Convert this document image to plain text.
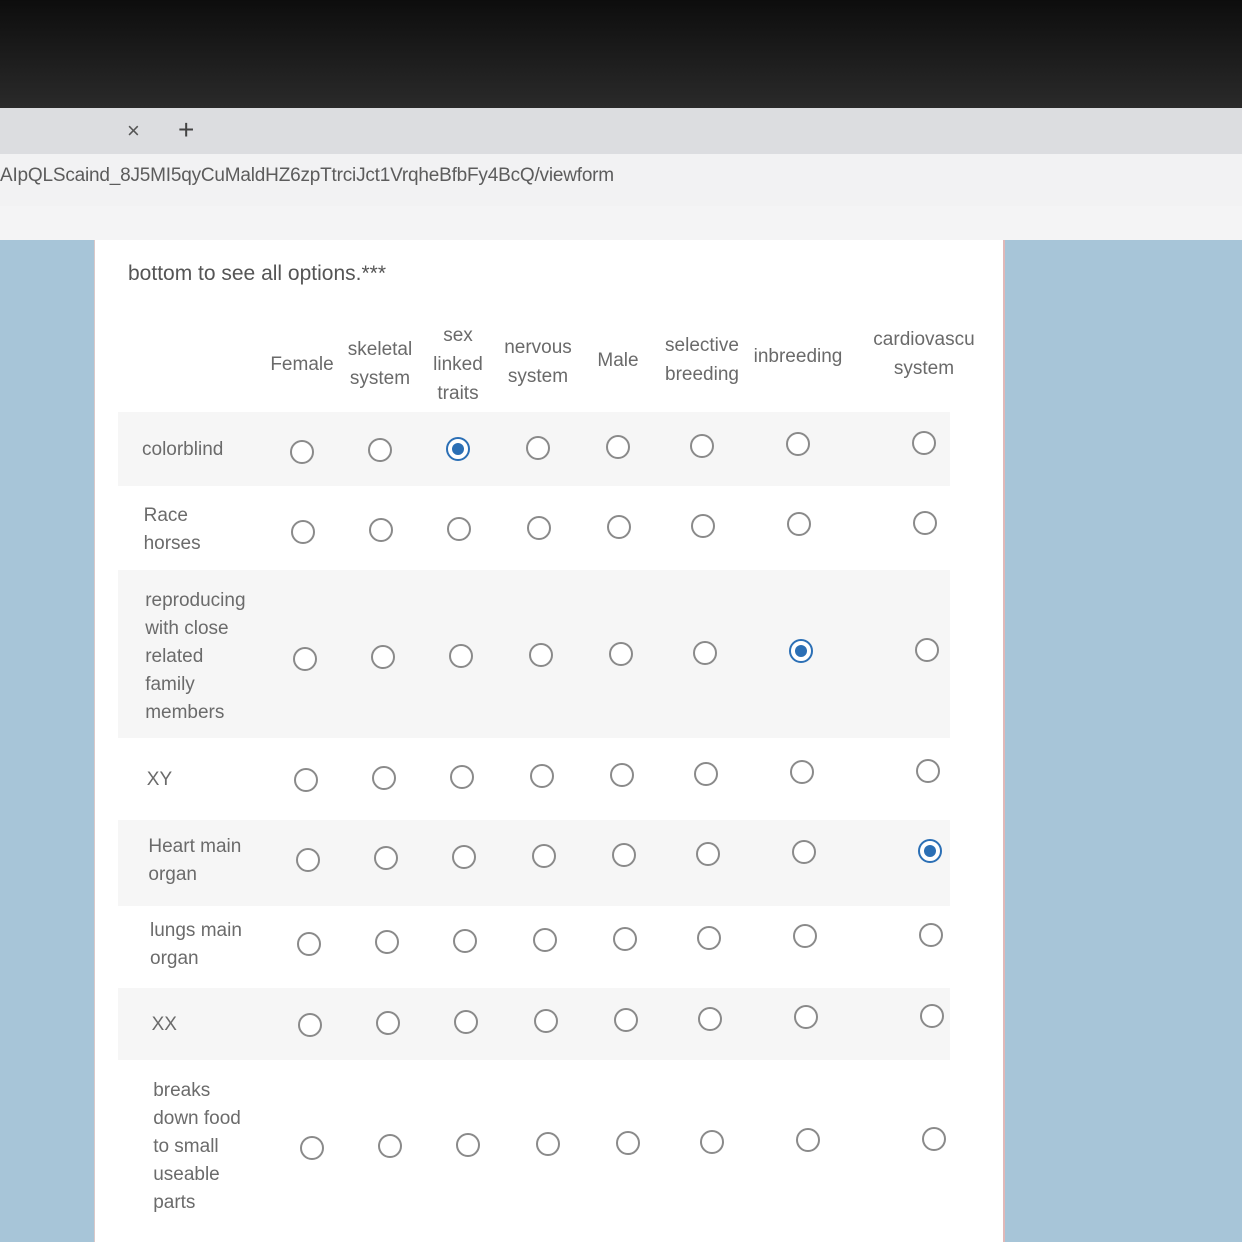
× +
AIpQLScaind_8J5MI5qyCuMaldHZ6zpTtrciJct1VrqheBfbFy4BcQ/viewform
bottom to see all options.***
Female
skeletal
system
sex
linked
traits
nervous
system
Male
selective
breeding
inbreeding
cardiovascu
system
colorblind
Race
horses
reproducing
with close
related
family
members
XY
Heart main
organ
lungs main
organ
XX
breaks
down food
to small
useable
parts
